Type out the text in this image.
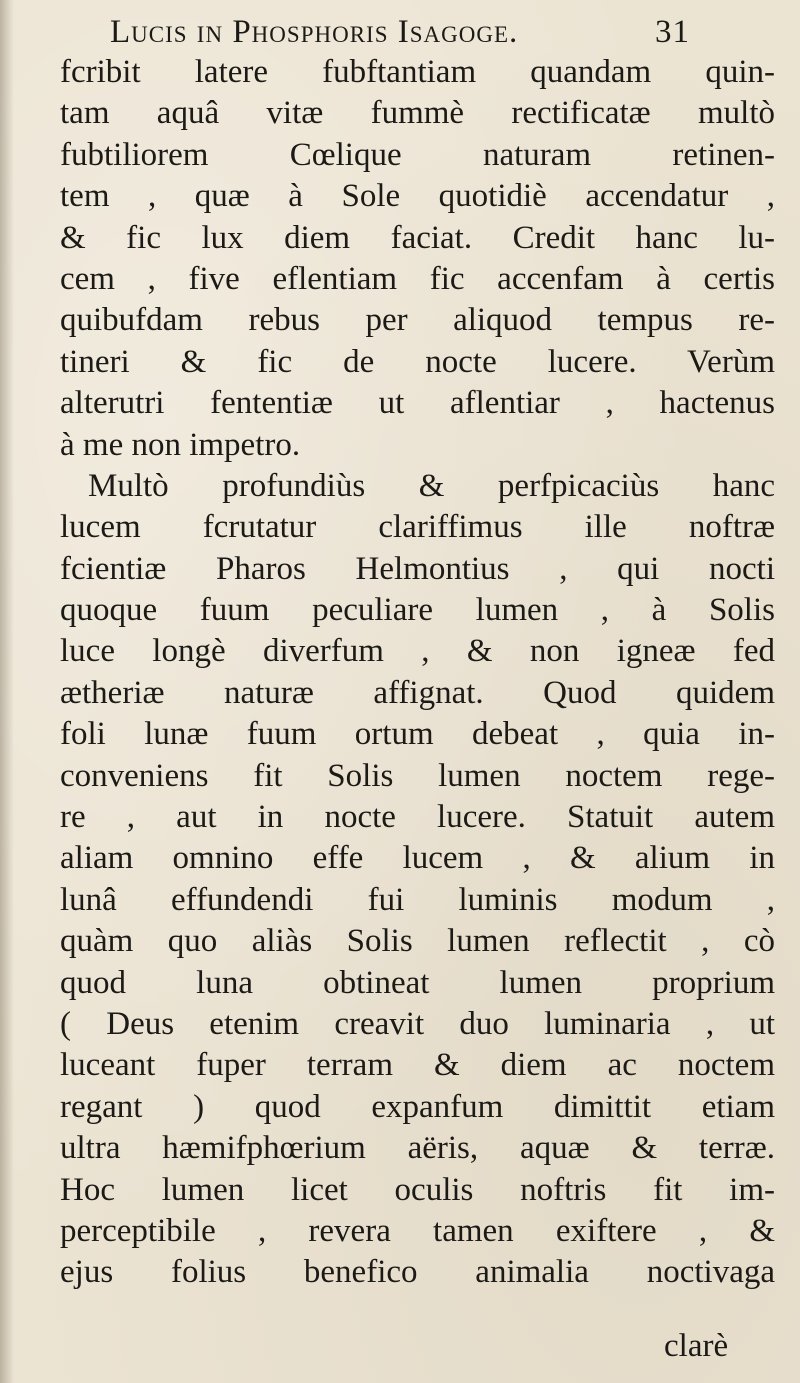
Lucis in Phosphoris Isagoge.	31
fcribit latere fubftantiam quandam quin-
tam aquâ vitæ fummè rectificatæ multò
fubtiliorem Cœlique naturam retinen-
tem , quæ à Sole quotidiè accendatur ,
& fic lux diem faciat. Credit hanc lu-
cem , five eflentiam fic accenfam à certis
quibufdam rebus per aliquod tempus re-
tineri & fic de nocte lucere. Verùm
alterutri fententiæ ut aflentiar , hactenus
à me non impetro.
Multò profundiùs & perfpicaciùs hanc
lucem fcrutatur clariffimus ille noftræ
fcientiæ Pharos Helmontius , qui nocti
quoque fuum peculiare lumen , à Solis
luce longè diverfum , & non igneæ fed
ætheriæ naturæ affignat. Quod quidem
foli lunæ fuum ortum debeat , quia in-
conveniens fit Solis lumen noctem rege-
re , aut in nocte lucere. Statuit autem
aliam omnino effe lucem , & alium in
lunâ effundendi fui luminis modum ,
quàm quo aliàs Solis lumen reflectit , cò
quod luna obtineat lumen proprium
( Deus etenim creavit duo luminaria , ut
luceant fuper terram & diem ac noctem
regant ) quod expanfum dimittit etiam
ultra hæmifphœrium aëris, aquæ & terræ.
Hoc lumen licet oculis noftris fit im-
perceptibile , revera tamen exiftere , &
ejus folius benefico animalia noctivaga
clarè
